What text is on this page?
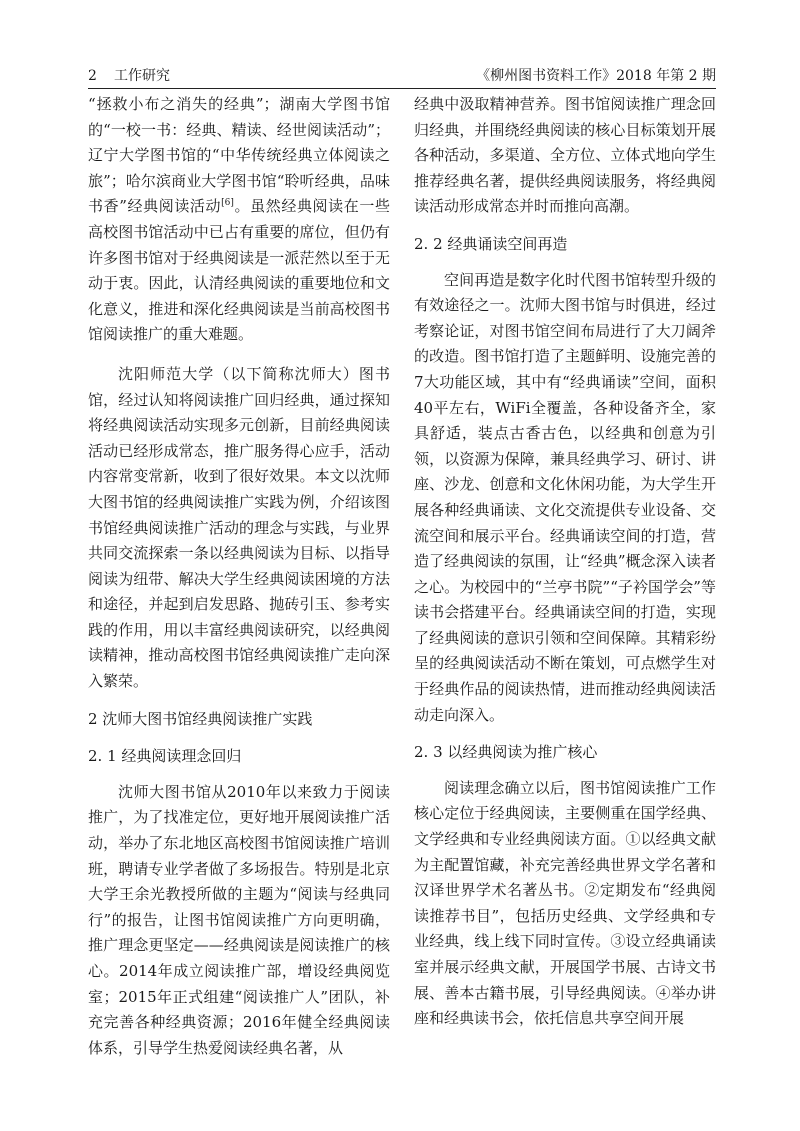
2 工作研究	《柳州图书资料工作》2018 年第 2 期

“拯救小布之消失的经典”；湖南大学图书馆的“一校一书：经典、精读、经世阅读活动”；辽宁大学图书馆的“中华传统经典立体阅读之旅”；哈尔滨商业大学图书馆“聆听经典，品味书香”经典阅读活动[6]。虽然经典阅读在一些高校图书馆活动中已占有重要的席位，但仍有许多图书馆对于经典阅读是一派茫然以至于无动于衷。因此，认清经典阅读的重要地位和文化意义，推进和深化经典阅读是当前高校图书馆阅读推广的重大难题。

沈阳师范大学（以下简称沈师大）图书馆，经过认知将阅读推广回归经典，通过探知将经典阅读活动实现多元创新，目前经典阅读活动已经形成常态，推广服务得心应手，活动内容常变常新，收到了很好效果。本文以沈师大图书馆的经典阅读推广实践为例，介绍该图书馆经典阅读推广活动的理念与实践，与业界共同交流探索一条以经典阅读为目标、以指导阅读为纽带、解决大学生经典阅读困境的方法和途径，并起到启发思路、抛砖引玉、参考实践的作用，用以丰富经典阅读研究，以经典阅读精神，推动高校图书馆经典阅读推广走向深入繁荣。

2 沈师大图书馆经典阅读推广实践

2. 1 经典阅读理念回归

沈师大图书馆从2010年以来致力于阅读推广，为了找准定位，更好地开展阅读推广活动，举办了东北地区高校图书馆阅读推广培训班，聘请专业学者做了多场报告。特别是北京大学王余光教授所做的主题为“阅读与经典同行”的报告，让图书馆阅读推广方向更明确，推广理念更坚定——经典阅读是阅读推广的核心。2014年成立阅读推广部，增设经典阅览室；2015年正式组建“阅读推广人”团队，补充完善各种经典资源；2016年健全经典阅读体系，引导学生热爱阅读经典名著，从

经典中汲取精神营养。图书馆阅读推广理念回归经典，并围绕经典阅读的核心目标策划开展各种活动，多渠道、全方位、立体式地向学生推荐经典名著，提供经典阅读服务，将经典阅读活动形成常态并时而推向高潮。

2. 2 经典诵读空间再造

空间再造是数字化时代图书馆转型升级的有效途径之一。沈师大图书馆与时俱进，经过考察论证，对图书馆空间布局进行了大刀阔斧的改造。图书馆打造了主题鲜明、设施完善的7大功能区域，其中有“经典诵读”空间，面积40平左右，WiFi全覆盖，各种设备齐全，家具舒适，装点古香古色，以经典和创意为引领，以资源为保障，兼具经典学习、研讨、讲座、沙龙、创意和文化休闲功能，为大学生开展各种经典诵读、文化交流提供专业设备、交流空间和展示平台。经典诵读空间的打造，营造了经典阅读的氛围，让“经典”概念深入读者之心。为校园中的“兰亭书院”“子衿国学会”等读书会搭建平台。经典诵读空间的打造，实现了经典阅读的意识引领和空间保障。其精彩纷呈的经典阅读活动不断在策划，可点燃学生对于经典作品的阅读热情，进而推动经典阅读活动走向深入。

2. 3 以经典阅读为推广核心

阅读理念确立以后，图书馆阅读推广工作核心定位于经典阅读，主要侧重在国学经典、文学经典和专业经典阅读方面。①以经典文献为主配置馆藏，补充完善经典世界文学名著和汉译世界学术名著丛书。②定期发布“经典阅读推荐书目”，包括历史经典、文学经典和专业经典，线上线下同时宣传。③设立经典诵读室并展示经典文献，开展国学书展、古诗文书展、善本古籍书展，引导经典阅读。④举办讲座和经典读书会，依托信息共享空间开展
